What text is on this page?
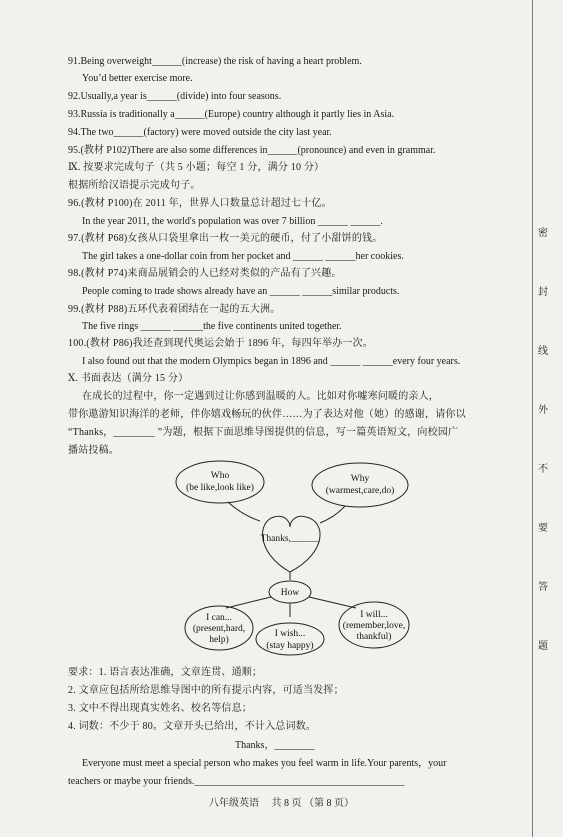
91.Being overweight______(increase) the risk of having a heart problem.
You’d better exercise more.
92.Usually,a year is______(divide) into four seasons.
93.Russia is traditionally a______(Europe) country although it partly lies in Asia.
94.The two______(factory) were moved outside the city last year.
95.(教材 P102)There are also some differences in______(pronounce) and even in grammar.
Ⅸ. 按要求完成句子（共 5 小题；每空 1 分，满分 10 分）
根据所给汉语提示完成句子。
96.(教材 P100)在 2011 年，世界人口数量总计超过七十亿。
In the year 2011, the world's population was over 7 billion ______ ______.
97.(教材 P68)女孩从口袋里拿出一枚一美元的硬币，付了小甜饼的钱。
The girl takes a one-dollar coin from her pocket and ______ ______her cookies.
98.(教材 P74)来商品展销会的人已经对类似的产品有了兴趣。
People coming to trade shows already have an ______ ______similar products.
99.(教材 P88)五环代表着团结在一起的五大洲。
The five rings ______ ______the five continents united together.
100.(教材 P86)我还查到现代奥运会始于 1896 年，每四年举办一次。
I also found out that the modern Olympics began in 1896 and ______ ______every four years.
Ⅹ. 书面表达（满分 15 分）
在成长的过程中，你一定遇到过让你感到温暖的人。比如对你嘘寒问暖的亲人，
带你遨游知识海洋的老师，伴你嬉戏畅玩的伙伴……为了表达对他（她）的感谢，请你以
“Thanks，________ ”为题，根据下面思维导图提供的信息，写一篇英语短文，向校园广
播站投稿。
Who
(be like,look like)
Why
(warmest,care,do)
Thanks,______
How
I can...
(present,hard,
help)
I wish...
(stay happy)
I will...
(remember,love,
thankful)
要求：1. 语言表达准确，文章连贯、通顺；
2. 文章应包括所给思维导图中的所有提示内容，可适当发挥；
3. 文中不得出现真实姓名、校名等信息；
4. 词数：不少于 80。文章开头已给出，不计入总词数。
Thanks，________
Everyone must meet a special person who makes you feel warm in life.Your parents，your
teachers or maybe your friends.__________________________________________
密
封
线
外
不
要
答
题
八年级英语　 共 8 页 （第 8 页）
